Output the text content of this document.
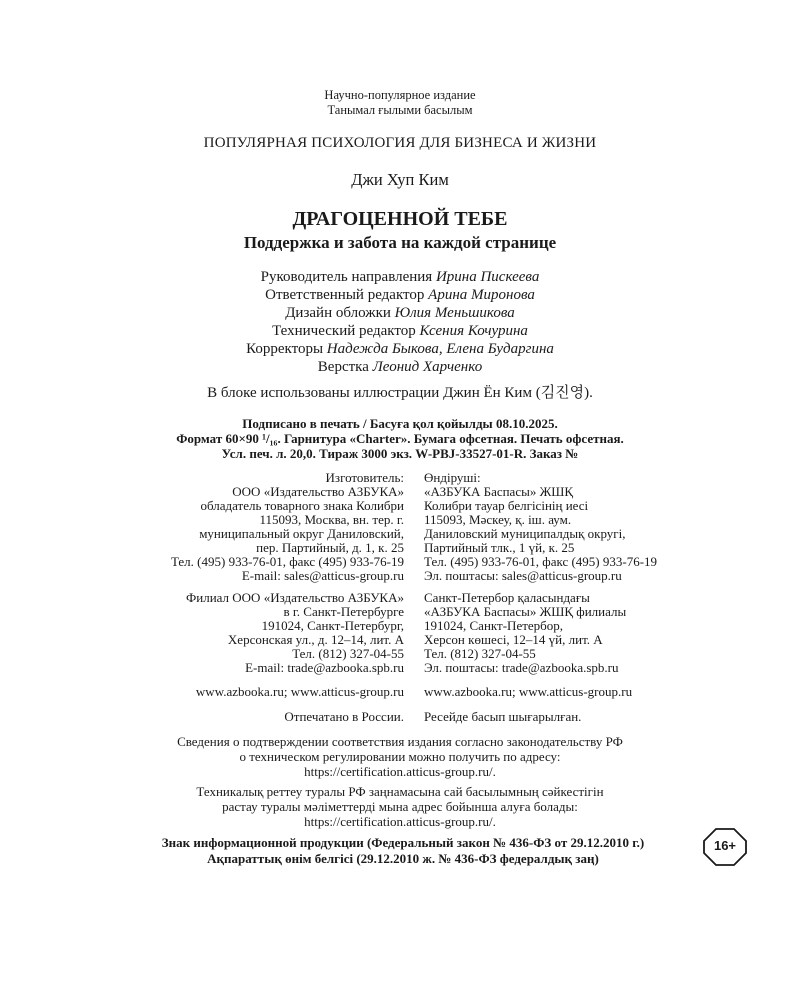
Научно-популярное издание
Танымал ғылыми басылым
ПОПУЛЯРНАЯ ПСИХОЛОГИЯ ДЛЯ БИЗНЕСА И ЖИЗНИ
Джи Хуп Ким
ДРАГОЦЕННОЙ ТЕБЕ
Поддержка и забота на каждой странице
Руководитель направления Ирина Пискеева
Ответственный редактор Арина Миронова
Дизайн обложки Юлия Меньшикова
Технический редактор Ксения Кочурина
Корректоры Надежда Быкова, Елена Бударгина
Верстка Леонид Харченко
В блоке использованы иллюстрации Джин Ён Ким (김진영).
Подписано в печать / Басуға қол қойылды 08.10.2025.
Формат 60×90 ¹/₁₆. Гарнитура «Charter». Бумага офсетная. Печать офсетная.
Усл. печ. л. 20,0. Тираж 3000 экз. W-PBJ-33527-01-R. Заказ №
Изготовитель:
ООО «Издательство АЗБУКА»
обладатель товарного знака Колибри
115093, Москва, вн. тер. г.
муниципальный округ Даниловский,
пер. Партийный, д. 1, к. 25
Тел. (495) 933-76-01, факс (495) 933-76-19
E-mail: sales@atticus-group.ru
Өндіруші:
«АЗБУКА Баспасы» ЖШҚ
Колибри тауар белгісінің иесі
115093, Мәскеу, қ. іш. аум.
Даниловский муниципалдық округі,
Партийный тлк., 1 үй, к. 25
Тел. (495) 933-76-01, факс (495) 933-76-19
Эл. поштасы: sales@atticus-group.ru
Филиал ООО «Издательство АЗБУКА»
в г. Санкт-Петербурге
191024, Санкт-Петербург,
Херсонская ул., д. 12–14, лит. А
Тел. (812) 327-04-55
E-mail: trade@azbooka.spb.ru
Санкт-Петербор қаласындағы
«АЗБУКА Баспасы» ЖШҚ филиалы
191024, Санкт-Петербор,
Херсон көшесі, 12–14 үй, лит. А
Тел. (812) 327-04-55
Эл. поштасы: trade@azbooka.spb.ru
www.azbooka.ru; www.atticus-group.ru www.azbooka.ru; www.atticus-group.ru
Отпечатано в России. Ресейде басып шығарылған.
Сведения о подтверждении соответствия издания согласно законодательству РФ
о техническом регулировании можно получить по адресу:
https://certification.atticus-group.ru/.
Техникалық реттеу туралы РФ заңнамасына сай басылымның сәйкестігін
растау туралы мәліметтерді мына адрес бойынша алуға болады:
https://certification.atticus-group.ru/.
Знак информационной продукции (Федеральный закон № 436-ФЗ от 29.12.2010 г.)
Ақпараттық өнім белгісі (29.12.2010 ж. № 436-ФЗ федералдық заң)
16+
